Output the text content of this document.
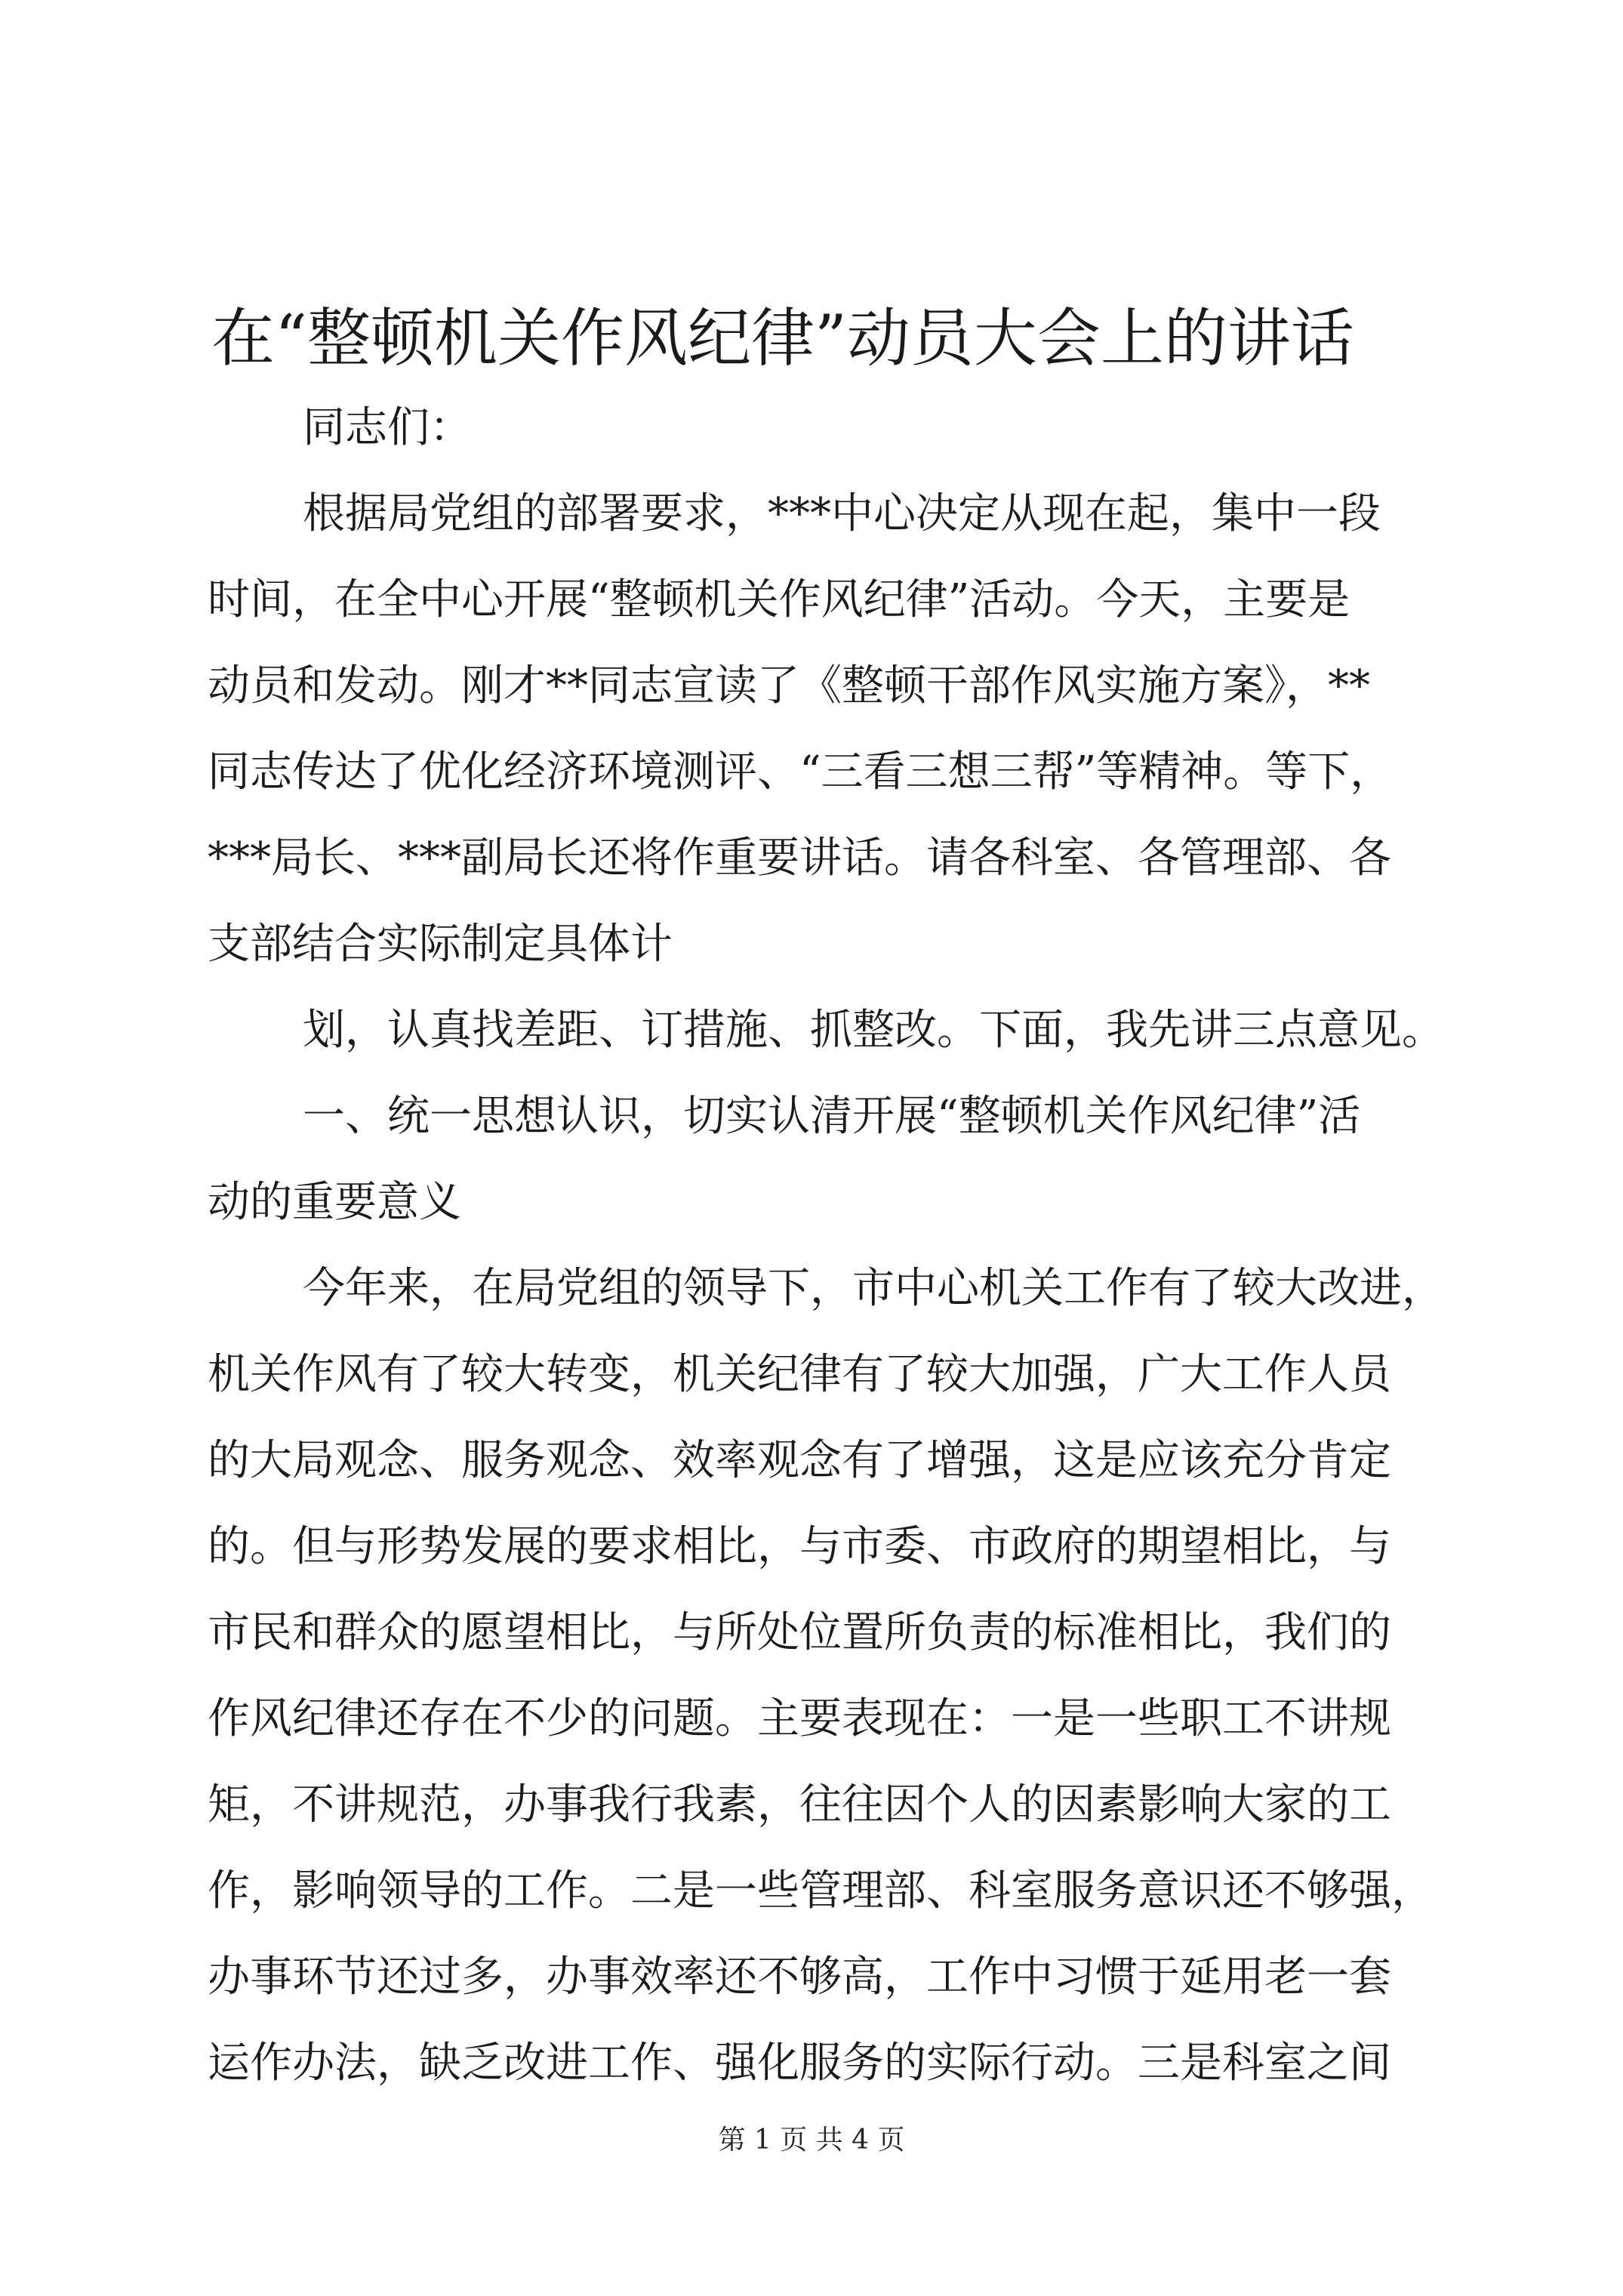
在“整顿机关作风纪律”动员大会上的讲话
同志们：
根据局党组的部署要求，***中心决定从现在起，集中一段
时间，在全中心开展“整顿机关作风纪律”活动。今天，主要是
动员和发动。刚才**同志宣读了《整顿干部作风实施方案》，**
同志传达了优化经济环境测评、“三看三想三帮”等精神。等下，
***局长、***副局长还将作重要讲话。请各科室、各管理部、各
支部结合实际制定具体计
划，认真找差距、订措施、抓整改。下面，我先讲三点意见。
一、统一思想认识，切实认清开展“整顿机关作风纪律”活
动的重要意义
今年来，在局党组的领导下，市中心机关工作有了较大改进，
机关作风有了较大转变，机关纪律有了较大加强，广大工作人员
的大局观念、服务观念、效率观念有了增强，这是应该充分肯定
的。但与形势发展的要求相比，与市委、市政府的期望相比，与
市民和群众的愿望相比，与所处位置所负责的标准相比，我们的
作风纪律还存在不少的问题。主要表现在：一是一些职工不讲规
矩，不讲规范，办事我行我素，往往因个人的因素影响大家的工
作，影响领导的工作。二是一些管理部、科室服务意识还不够强，
办事环节还过多，办事效率还不够高，工作中习惯于延用老一套
运作办法，缺乏改进工作、强化服务的实际行动。三是科室之间
第 1 页 共 4 页
